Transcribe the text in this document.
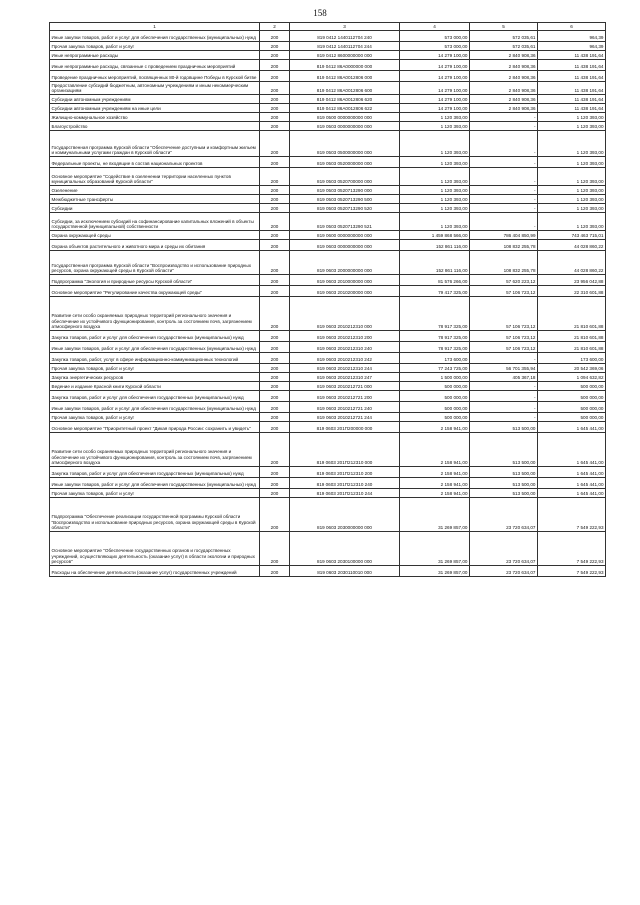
158
1	2	3	4	5	6
Иные закупки товаров, работ и услуг для обеспечения государственных (муниципальных) нужд	200	819 0412 1440112704 240	573 000,00	572 035,61	964,39
Прочая закупка товаров, работ и услуг	200	819 0412 1440112704 244	573 000,00	572 035,61	964,39
Иные непрограммные расходы	200	819 0412 8600000000 000	14 279 100,00	2 840 908,36	11 438 191,64
Иные непрограммные расходы, связанные с проведением праздничных мероприятий	200	819 0412 86А0000000 000	14 279 100,00	2 840 908,36	11 438 191,64
Проведение праздничных мероприятий, посвященных 80-й годовщине Победы в Курской битве	200	819 0412 86А0012806 000	14 279 100,00	2 840 908,36	11 438 191,64
Предоставление субсидий бюджетным, автономным учреждениям и иным некоммерческим организациям	200	819 0412 86А0012806 600	14 279 100,00	2 840 908,36	11 438 191,64
Субсидии автономным учреждениям	200	819 0412 86А0012806 620	14 279 100,00	2 840 908,36	11 438 191,64
Субсидии автономным учреждениям на иные цели	200	819 0412 86А0012806 622	14 279 100,00	2 840 908,36	11 438 191,64
Жилищно-коммунальное хозяйство	200	819 0500 0000000000 000	1 120 393,00	-	1 120 393,00
Благоустройство	200	819 0503 0000000000 000	1 120 393,00	-	1 120 393,00
Государственная программа Курской области "Обеспечение доступным и комфортным жильем и коммунальными услугами граждан в Курской области"	200	819 0503 0500000000 000	1 120 393,00	-	1 120 393,00
Федеральные проекты, не входящие в состав национальных проектов	200	819 0503 0520000000 000	1 120 393,00	-	1 120 393,00
Основное мероприятие "Содействие в озеленении территории населенных пунктов муниципальных образований Курской области"	200	819 0503 0520700000 000	1 120 393,00	-	1 120 393,00
Озеленение	200	819 0503 0520713290 000	1 120 393,00	-	1 120 393,00
Межбюджетные трансферты	200	819 0503 0520713290 500	1 120 393,00	-	1 120 393,00
Субсидии	200	819 0503 0520713290 520	1 120 393,00	-	1 120 393,00
Субсидии, за исключением субсидий на софинансирование капитальных вложений в объекты государственной (муниципальной) собственности	200	819 0503 0520713290 521	1 120 393,00	-	1 120 393,00
Охрана окружающей среды	200	819 0600 0000000000 000	1 459 868 566,00	786 404 850,99	743 463 715,01
Охрана объектов растительного и животного мира и среды их обитания	200	819 0603 0000000000 000	152 861 116,00	108 832 255,78	44 028 860,22
Государственная программа Курской области "Воспроизводство и использование природных ресурсов, охрана окружающей среды в Курской области"	200	819 0603 2000000000 000	152 861 116,00	108 832 255,78	44 028 860,22
Подпрограмма "Экология и природные ресурсы Курской области"	200	819 0603 2010000000 000	81 576 266,00	57 620 223,12	23 956 042,88
Основное мероприятие "Регулирование качества окружающей среды"	200	819 0603 2010200000 000	79 417 325,00	57 106 723,12	22 310 601,88
Развитие сети особо охраняемых природных территорий регионального значения и обеспечение их устойчивого функционирования, контроль за состоянием почв, загрязнением атмосферного воздуха	200	819 0603 2010212310 000	78 917 325,00	57 106 723,12	21 810 601,88
Закупка товаров, работ и услуг для обеспечения государственных (муниципальных) нужд	200	819 0603 2010212310 200	78 917 325,00	57 106 723,12	21 810 601,88
Иные закупки товаров, работ и услуг для обеспечения государственных (муниципальных) нужд	200	819 0603 2010212310 240	78 917 325,00	57 106 723,12	21 810 601,88
Закупка товаров, работ, услуг в сфере информационно-коммуникационных технологий	200	819 0603 2010212310 242	173 600,00	-	173 600,00
Прочая закупка товаров, работ и услуг	200	819 0603 2010212310 244	77 243 725,00	56 701 355,94	20 542 369,06
Закупка энергетических ресурсов	200	819 0603 2010212310 247	1 500 000,00	405 367,18	1 094 632,82
Ведение и издание Красной книги Курской области	200	819 0603 2010212721 000	500 000,00	-	500 000,00
Закупка товаров, работ и услуг для обеспечения государственных (муниципальных) нужд	200	819 0603 2010212721 200	500 000,00	-	500 000,00
Иные закупки товаров, работ и услуг для обеспечения государственных (муниципальных) нужд	200	819 0603 2010212721 240	500 000,00	-	500 000,00
Прочая закупка товаров, работ и услуг	200	819 0603 2010212721 244	500 000,00	-	500 000,00
Основное мероприятие "Приоритетный проект "Дикая природа России: сохранить и увидеть"	200	819 0603 201П200000 000	2 158 941,00	513 500,00	1 645 441,00
Развитие сети особо охраняемых природных территорий регионального значения и обеспечение их устойчивого функционирования, контроль за состоянием почв, загрязнением атмосферного воздуха	200	819 0603 201П212310 000	2 158 941,00	513 500,00	1 645 441,00
Закупка товаров, работ и услуг для обеспечения государственных (муниципальных) нужд	200	819 0603 201П212310 200	2 158 941,00	513 500,00	1 645 441,00
Иные закупки товаров, работ и услуг для обеспечения государственных (муниципальных) нужд	200	819 0603 201П212310 240	2 158 941,00	513 500,00	1 645 441,00
Прочая закупка товаров, работ и услуг	200	819 0603 201П212310 244	2 158 941,00	513 500,00	1 645 441,00
Подпрограмма "Обеспечение реализации государственной программы Курской области "Воспроизводство и использование природных ресурсов, охрана окружающей среды в Курской области"	200	819 0603 2030000000 000	31 269 857,00	23 720 634,07	7 549 222,93
Основное мероприятие "Обеспечение государственных органов и государственных учреждений, осуществляющих деятельность (оказание услуг) в области экологии и природных ресурсов"	200	819 0603 2030100000 000	31 269 857,00	23 720 634,07	7 549 222,93
Расходы на обеспечение деятельности (оказание услуг) государственных учреждений	200	819 0603 2030110010 000	31 269 857,00	23 720 634,07	7 549 222,93
